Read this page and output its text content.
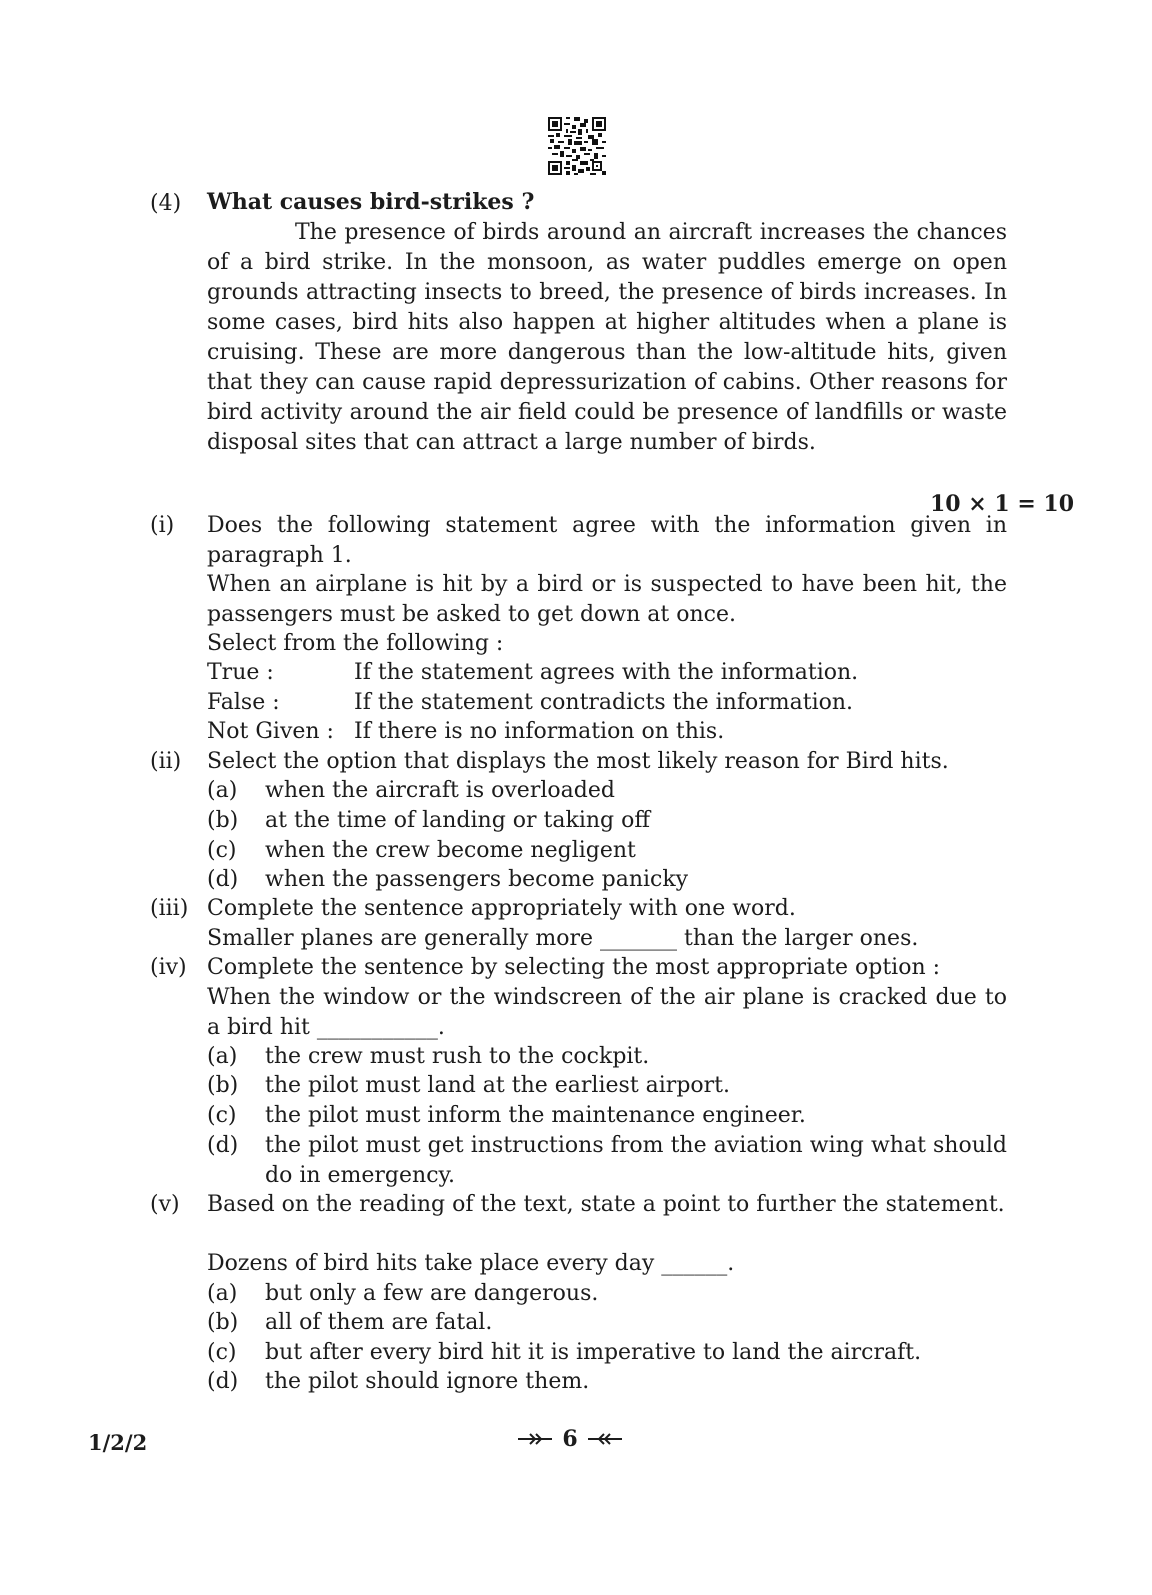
(4) What causes bird-strikes ?

The presence of birds around an aircraft increases the chances of a bird strike. In the monsoon, as water puddles emerge on open grounds attracting insects to breed, the presence of birds increases. In some cases, bird hits also happen at higher altitudes when a plane is cruising. These are more dangerous than the low-altitude hits, given that they can cause rapid depressurization of cabins. Other reasons for bird activity around the air field could be presence of landfills or waste disposal sites that can attract a large number of birds.

10 × 1 = 10
(i) Does the following statement agree with the information given in paragraph 1.

When an airplane is hit by a bird or is suspected to have been hit, the passengers must be asked to get down at once.

Select from the following :
True :	If the statement agrees with the information.
False :	If the statement contradicts the information.
Not Given : If there is no information on this.
(ii) Select the option that displays the most likely reason for Bird hits.
(a) when the aircraft is overloaded
(b) at the time of landing or taking off
(c) when the crew become negligent
(d) when the passengers become panicky
(iii) Complete the sentence appropriately with one word.
Smaller planes are generally more _______ than the larger ones.
(iv) Complete the sentence by selecting the most appropriate option :

When the window or the windscreen of the air plane is cracked due to a bird hit ___________.

(a) the crew must rush to the cockpit.
(b) the pilot must land at the earliest airport.
(c) the pilot must inform the maintenance engineer.
(d) the pilot must get instructions from the aviation wing what should do in emergency.

(v) Based on the reading of the text, state a point to further the statement.

Dozens of bird hits take place every day ______.
(a) but only a few are dangerous.
(b) all of them are fatal.
(c) but after every bird hit it is imperative to land the aircraft.
(d) the pilot should ignore them.
1/2/2	6
